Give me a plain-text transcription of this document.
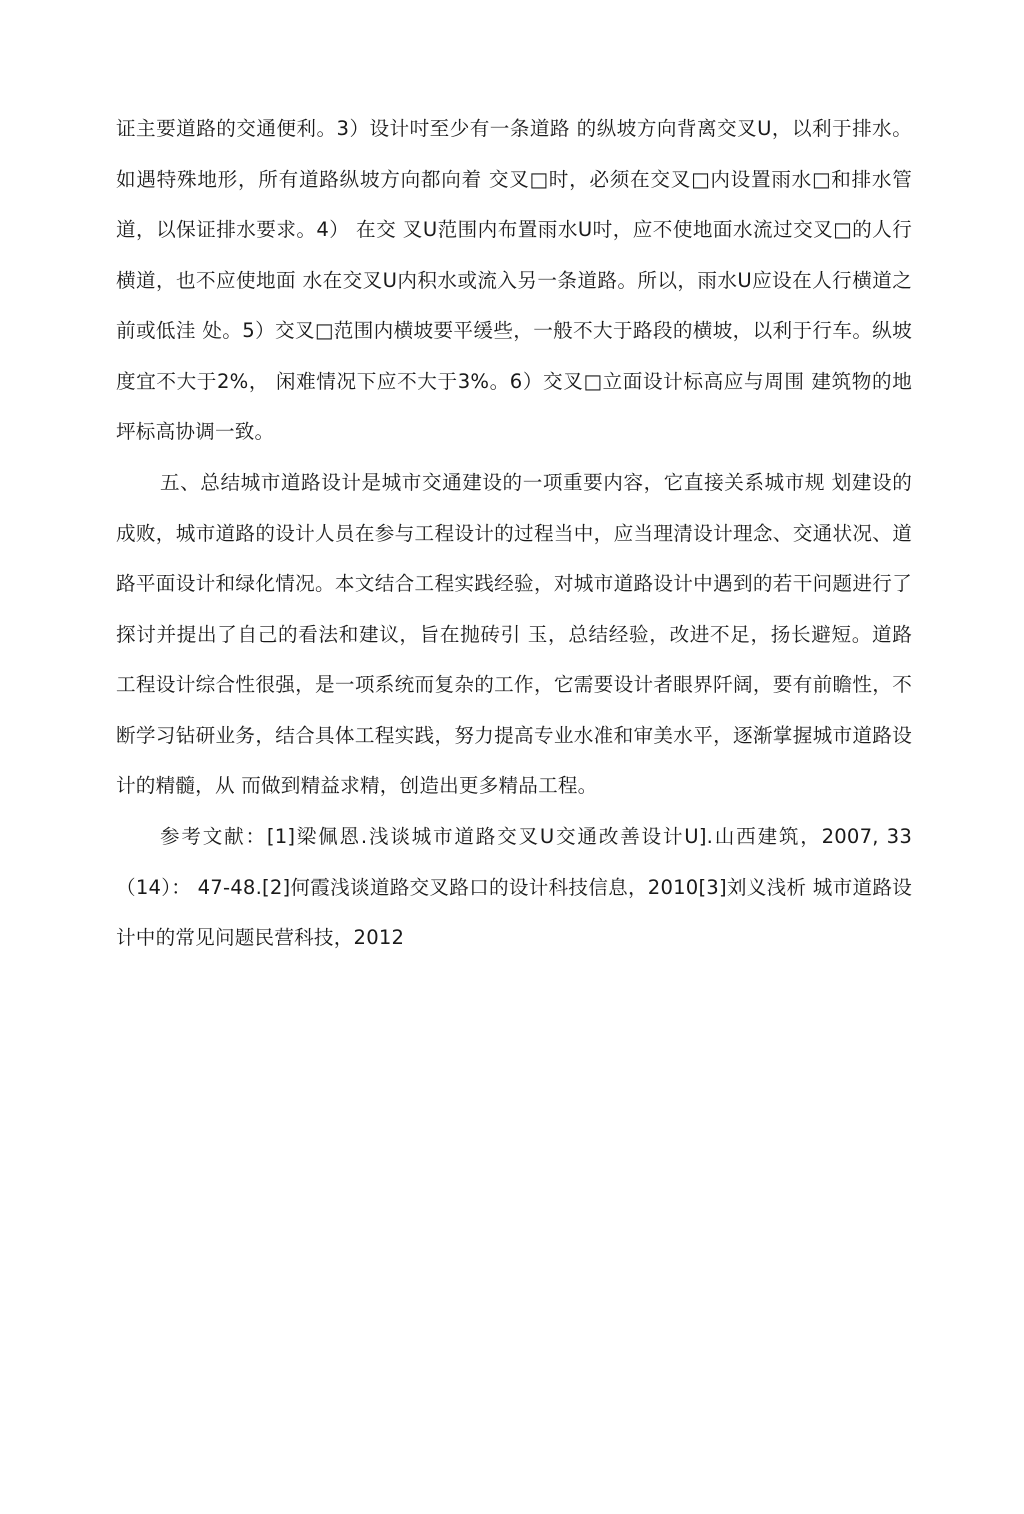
证主要道路的交通便利。3）设计吋至少有一条道路 的纵坡方向背离交叉U，以利于排水。如遇特殊地形，所有道路纵坡方向都向着 交叉□时，必须在交叉□内设置雨水□和排水管道，以保证排水要求。4） 在交 叉U范围内布置雨水U吋，应不使地面水流过交叉□的人行横道，也不应使地面 水在交叉U内积水或流入另一条道路。所以，雨水U应设在人行横道之前或低洼 处。5）交叉□范围内横坡要平缓些，一般不大于路段的横坡，以利于行车。纵坡度宜不大于2%， 闲难情况下应不大于3%。6）交叉□立面设计标高应与周围 建筑物的地坪标高协调一致。

五、总结城市道路设计是城市交通建设的一项重要内容，它直接关系城市规 划建设的成败，城市道路的设计人员在参与工程设计的过程当中，应当理清设计理念、交通状况、道路平面设计和绿化情况。本文结合工程实践经验，对城市道路设计中遇到的若干问题进行了探讨并提出了自己的看法和建议，旨在抛砖引 玉，总结经验，改进不足，扬长避短。道路工程设计综合性很强，是一项系统而复杂的工作，它需要设计者眼界阡阔，要有前瞻性，不断学习钻研业务，结合具体工程实践，努力提高专业水准和审美水平，逐渐掌握城市道路设计的精髓，从 而做到精益求精，创造出更多精品工程。

参考文献：[1]梁佩恩.浅谈城市道路交叉U交通改善设计U].山西建筑，2007, 33（14）： 47-48.[2]何霞浅谈道路交叉路口的设计科技信息，2010[3]刘义浅析 城市道路设计中的常见问题民营科技，2012
